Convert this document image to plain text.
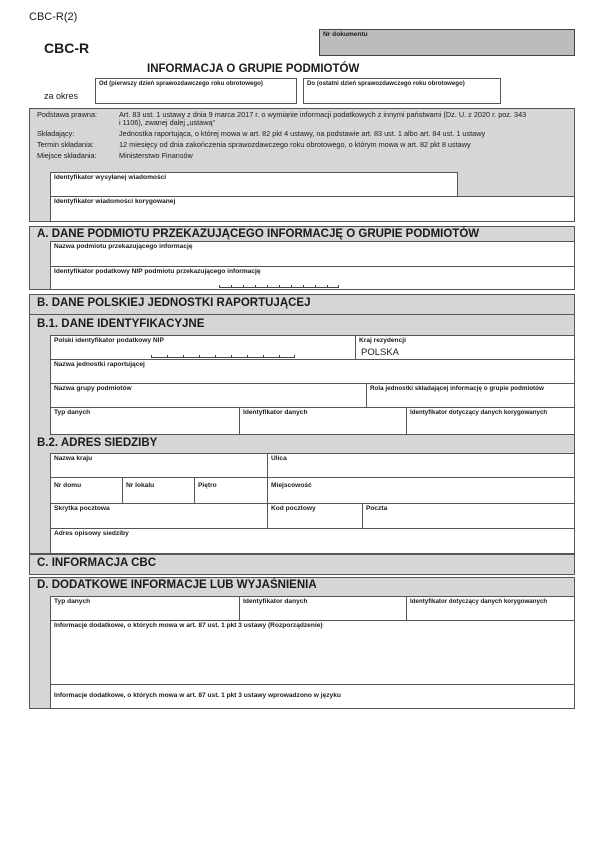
CBC-R(2)
CBC-R
Nr dokumentu
INFORMACJA O GRUPIE PODMIOTÓW
za okres
Od (pierwszy dzień sprawozdawczego roku obrotowego)	Do (ostatni dzień sprawozdawczego roku obrotowego)
Podstawa prawna:	Art. 83 ust. 1 ustawy z dnia 9 marca 2017 r. o wymianie informacji podatkowych z innymi państwami (Dz. U. z 2020 r. poz. 343
i 1106), zwanej dalej „ustawą”
Składający:	Jednostka raportująca, o której mowa w art. 82 pkt 4 ustawy, na podstawie art. 83 ust. 1 albo art. 84 ust. 1 ustawy
Termin składania:	12 miesięcy od dnia zakończenia sprawozdawczego roku obrotowego, o którym mowa w art. 82 pkt 8 ustawy
Miejsce składania:	Ministerstwo Finansów
Identyfikator wysyłanej wiadomości
Identyfikator wiadomości korygowanej
A. DANE PODMIOTU PRZEKAZUJĄCEGO INFORMACJĘ O GRUPIE PODMIOTÓW
Nazwa podmiotu przekazującego informację
Identyfikator podatkowy NIP podmiotu przekazującego informację
B. DANE POLSKIEJ JEDNOSTKI RAPORTUJĄCEJ
B.1. DANE IDENTYFIKACYJNE
Polski identyfikator podatkowy NIP	Kraj rezydencji
POLSKA
Nazwa jednostki raportującej
Nazwa grupy podmiotów	Rola jednostki składającej informację o grupie podmiotów
Typ danych	Identyfikator danych	Identyfikator dotyczący danych korygowanych
B.2. ADRES SIEDZIBY
Nazwa kraju	Ulica
Nr domu	Nr lokalu	Piętro	Miejscowość
Skrytka pocztowa	Kod pocztowy	Poczta
Adres opisowy siedziby
C. INFORMACJA CBC
D. DODATKOWE INFORMACJE LUB WYJAŚNIENIA
Typ danych	Identyfikator danych	Identyfikator dotyczący danych korygowanych
Informacje dodatkowe, o których mowa w art. 87 ust. 1 pkt 3 ustawy (Rozporządzenie)
Informacje dodatkowe, o których mowa w art. 87 ust. 1 pkt 3 ustawy wprowadzono w języku
